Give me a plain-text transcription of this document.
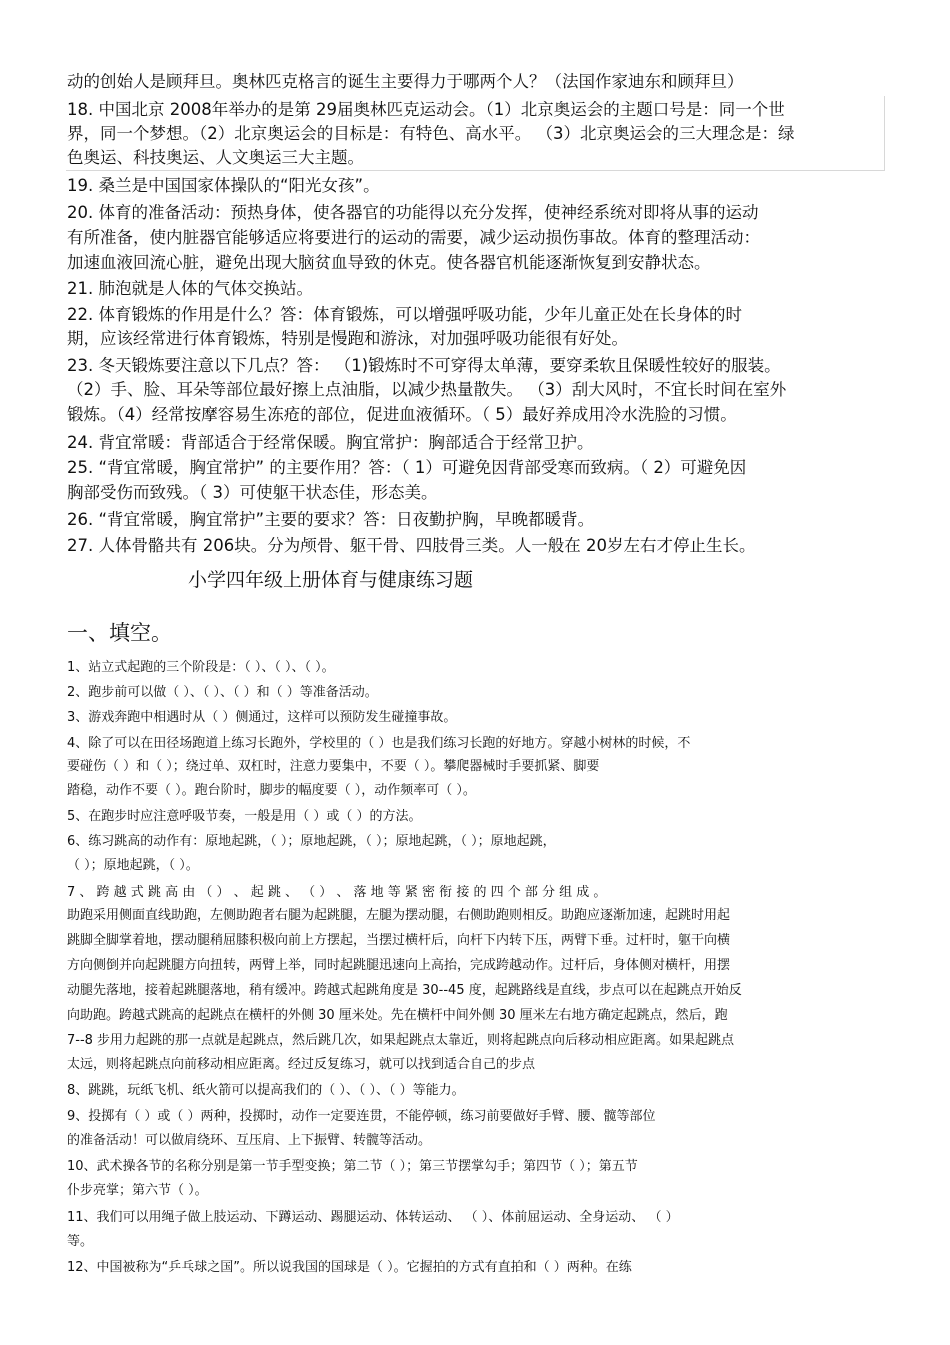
动的创始人是顾拜旦。奥林匹克格言的诞生主要得力于哪两个人？（法国作家迪东和顾拜旦）
18. 中国北京 2008年举办的是第 29届奥林匹克运动会。（1）北京奥运会的主题口号是：同一个世
界，同一个梦想。（2）北京奥运会的目标是：有特色、高水平。 （3）北京奥运会的三大理念是：绿
色奥运、科技奥运、人文奥运三大主题。
19. 桑兰是中国国家体操队的“阳光女孩”。
20. 体育的准备活动：预热身体，使各器官的功能得以充分发挥，使神经系统对即将从事的运动
有所准备，使内脏器官能够适应将要进行的运动的需要，减少运动损伤事故。体育的整理活动：
加速血液回流心脏，避免出现大脑贫血导致的休克。使各器官机能逐渐恢复到安静状态。
21. 肺泡就是人体的气体交换站。
22. 体育锻炼的作用是什么？答：体育锻炼，可以增强呼吸功能，少年儿童正处在长身体的时
期，应该经常进行体育锻炼，特别是慢跑和游泳，对加强呼吸功能很有好处。
23. 冬天锻炼要注意以下几点？答： （1)锻炼时不可穿得太单薄，要穿柔软且保暖性较好的服装。
（2）手、脸、耳朵等部位最好擦上点油脂，以减少热量散失。 （3）刮大风时，不宜长时间在室外
锻炼。（4）经常按摩容易生冻疮的部位，促进血液循环。（ 5）最好养成用冷水洗脸的习惯。
24. 背宜常暖：背部适合于经常保暖。胸宜常护：胸部适合于经常卫护。
25. “背宜常暖，胸宜常护” 的主要作用？答：（ 1）可避免因背部受寒而致病。（ 2）可避免因
胸部受伤而致残。（ 3）可使躯干状态佳，形态美。
26. “背宜常暖，胸宜常护”主要的要求？答：日夜勤护胸，早晚都暖背。
27. 人体骨骼共有 206块。分为颅骨、躯干骨、四肢骨三类。人一般在 20岁左右才停止生长。
小学四年级上册体育与健康练习题
一、填空。
1、站立式起跑的三个阶段是：（ ）、（ ）、（ ）。
2、跑步前可以做（ ）、（ ）、（ ）和（ ）等准备活动。
3、游戏奔跑中相遇时从（ ）侧通过，这样可以预防发生碰撞事故。
4、除了可以在田径场跑道上练习长跑外，学校里的（ ）也是我们练习长跑的好地方。穿越小树林的时候，不
要碰伤（ ）和（ ）；绕过单、双杠时，注意力要集中，不要（ ）。攀爬器械时手要抓紧、脚要
踏稳，动作不要（ ）。跑台阶时，脚步的幅度要（ ），动作频率可（ ）。
5、在跑步时应注意呼吸节奏，一般是用（ ）或（ ）的方法。
6、练习跳高的动作有：原地起跳，（ ）；原地起跳，（ ）；原地起跳，（ ）；原地起跳，
（ ）；原地起跳，（ ）。
7 、 跨 越 式 跳 高 由 （ ） 、 起 跳 、 （ ） 、 落 地 等 紧 密 衔 接 的 四 个 部 分 组 成 。
助跑采用侧面直线助跑，左侧助跑者右腿为起跳腿，左腿为摆动腿，右侧助跑则相反。助跑应逐渐加速，起跳时用起
跳脚全脚掌着地，摆动腿稍屈膝积极向前上方摆起，当摆过横杆后，向杆下内转下压，两臂下垂。过杆时，躯干向横
方向侧倒并向起跳腿方向扭转，两臂上举，同时起跳腿迅速向上高抬，完成跨越动作。过杆后，身体侧对横杆，用摆
动腿先落地，接着起跳腿落地，稍有缓冲。跨越式起跳角度是 30--45 度，起跳路线是直线，步点可以在起跳点开始反
向助跑。跨越式跳高的起跳点在横杆的外侧 30 厘米处。先在横杆中间外侧 30 厘米左右地方确定起跳点，然后，跑
7--8 步用力起跳的那一点就是起跳点，然后跳几次，如果起跳点太靠近，则将起跳点向后移动相应距离。如果起跳点
太远，则将起跳点向前移动相应距离。经过反复练习，就可以找到适合自己的步点
8、跳跳，玩纸飞机、纸火箭可以提高我们的（ ）、（ ）、（ ）等能力。
9、投掷有（ ）或（ ）两种，投掷时，动作一定要连贯，不能停顿，练习前要做好手臂、腰、髋等部位
的准备活动！可以做肩绕环、互压肩、上下振臂、转髋等活动。
10、武术操各节的名称分别是第一节手型变换；第二节（ ）；第三节摆掌勾手；第四节（ ）；第五节
仆步亮掌；第六节（ ）。
11、我们可以用绳子做上肢运动、下蹲运动、踢腿运动、体转运动、 （ ）、体前屈运动、全身运动、 （ ）
等。
12、中国被称为“乒乓球之国”。所以说我国的国球是（ ）。它握拍的方式有直拍和（ ）两种。在练
